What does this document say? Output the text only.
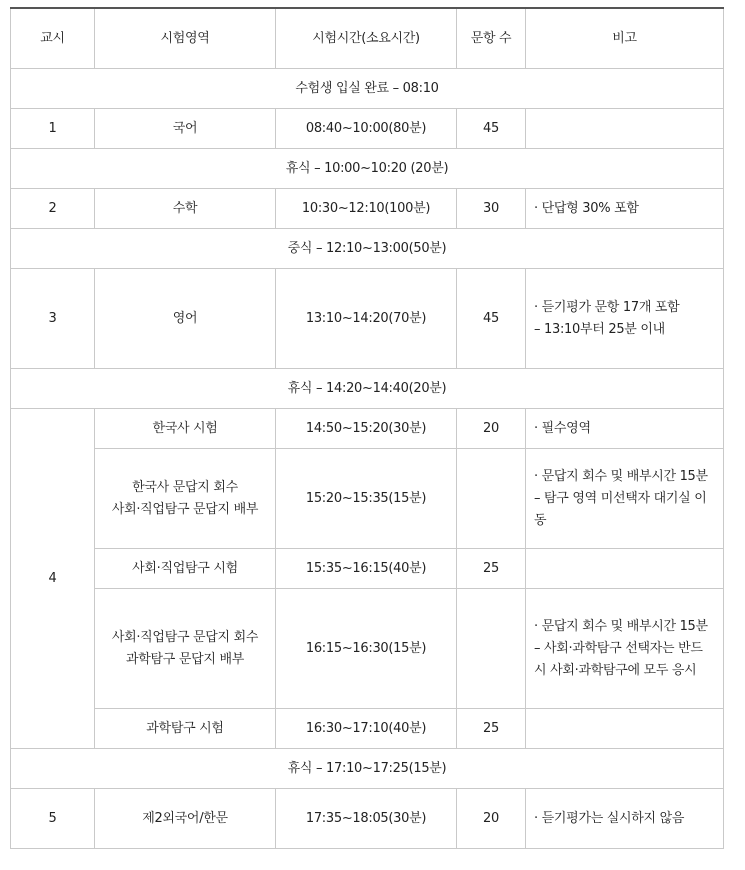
교시	시험영역	시험시간(소요시간)	문항 수	비고
수험생 입실 완료 – 08:10				
1	국어	08:40~10:00(80분)	45	
휴식 – 10:00~10:20 (20분)				
2	수학	10:30~12:10(100분)	30	· 단답형 30% 포함
중식 – 12:10~13:00(50분)				
3	영어	13:10~14:20(70분)	45	· 듣기평가 문항 17개 포함
– 13:10부터 25분 이내

휴식 – 14:20~14:40(20분)				
4	한국사 시험	14:50~15:20(30분)	20	· 필수영역

	한국사 문답지 회수
사회·직업탐구 문답지 배부	15:20~15:35(15분)		· 문답지 회수 및 배부시간 15분
– 탐구 영역 미선택자 대기실 이
동

	사회·직업탐구 시험	15:35~16:15(40분)	25	

	사회·직업탐구 문답지 회수
과학탐구 문답지 배부	16:15~16:30(15분)		· 문답지 회수 및 배부시간 15분
– 사회·과학탐구 선택자는 반드
시 사회·과학탐구에 모두 응시

	과학탐구 시험	16:30~17:10(40분)	25	
휴식 – 17:10~17:25(15분)				
5	제2외국어/한문	17:35~18:05(30분)	20	· 듣기평가는 실시하지 않음
